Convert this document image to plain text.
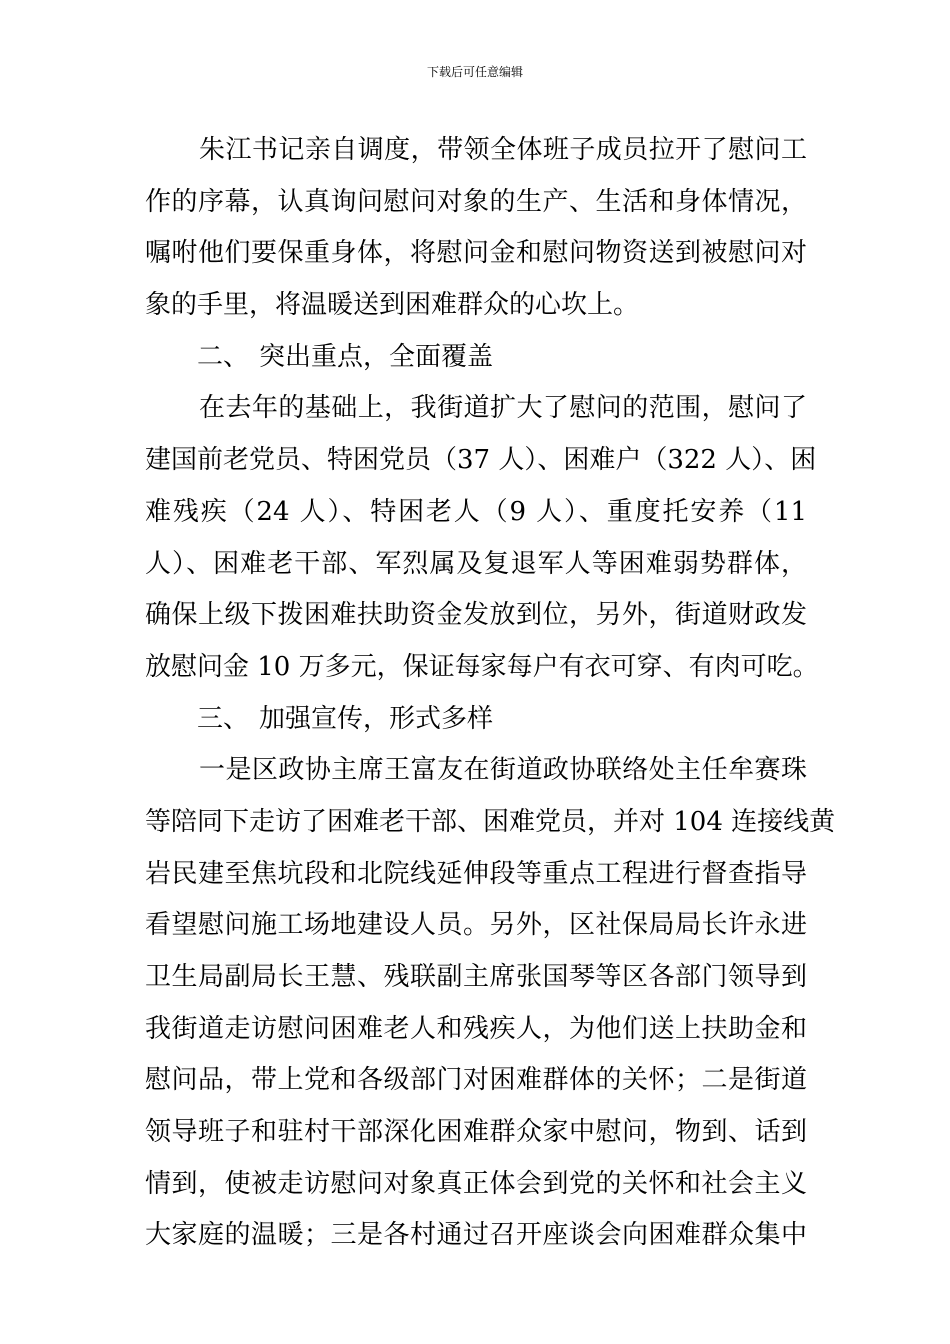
下载后可任意编辑
朱江书记亲自调度，带领全体班子成员拉开了慰问工
作的序幕，认真询问慰问对象的生产、生活和身体情况，
嘱咐他们要保重身体，将慰问金和慰问物资送到被慰问对
象的手里，将温暖送到困难群众的心坎上。
二、 突出重点，全面覆盖
在去年的基础上，我街道扩大了慰问的范围，慰问了
建国前老党员、特困党员（37 人）、困难户（322 人）、困
难残疾（24 人）、特困老人（9 人）、重度托安养（11
人）、困难老干部、军烈属及复退军人等困难弱势群体，
确保上级下拨困难扶助资金发放到位，另外，街道财政发
放慰问金 10 万多元，保证每家每户有衣可穿、有肉可吃。
三、 加强宣传，形式多样
一是区政协主席王富友在街道政协联络处主任牟赛珠
等陪同下走访了困难老干部、困难党员，并对 104 连接线黄
岩民建至焦坑段和北院线延伸段等重点工程进行督查指导
看望慰问施工场地建设人员。另外，区社保局局长许永进
卫生局副局长王慧、残联副主席张国琴等区各部门领导到
我街道走访慰问困难老人和残疾人，为他们送上扶助金和
慰问品，带上党和各级部门对困难群体的关怀；二是街道
领导班子和驻村干部深化困难群众家中慰问，物到、话到
情到，使被走访慰问对象真正体会到党的关怀和社会主义
大家庭的温暖；三是各村通过召开座谈会向困难群众集中
